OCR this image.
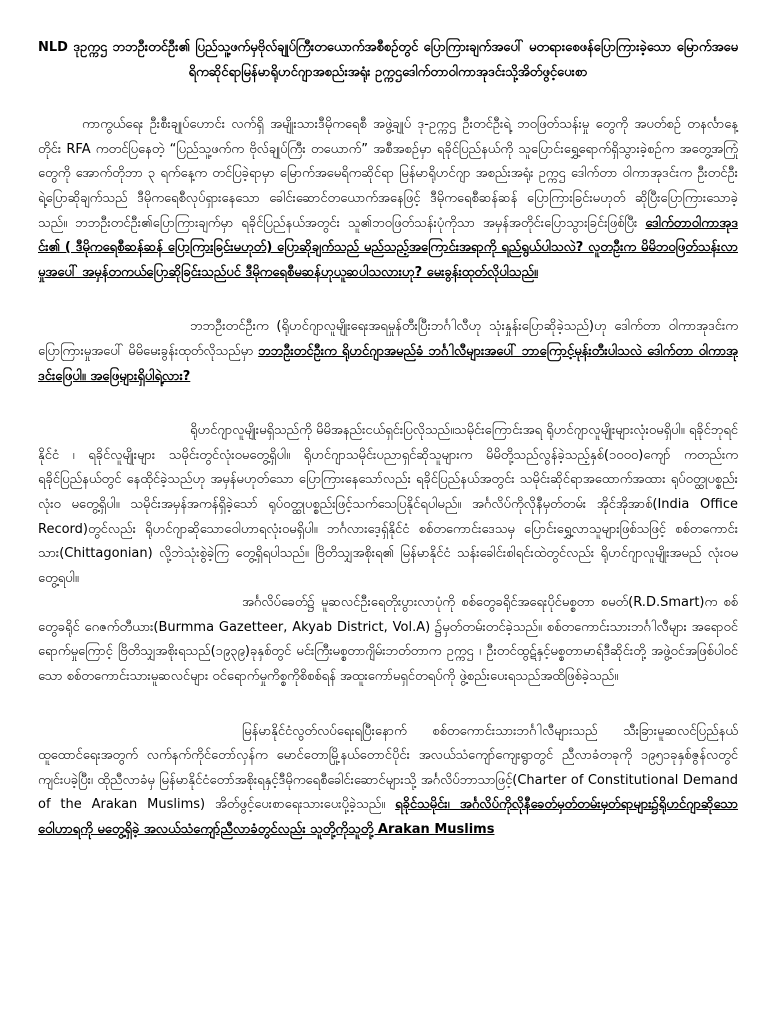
NLD ဒုဥက္ကဌ ဘဘဦးတင်ဦး၏ ပြည်သူ့ဖက်မှဗိုလ်ချုပ်ကြီးတယောက်အစီစဉ်တွင် ပြောကြားချက်အပေါ် မတရားစေဖန်ပြောကြားခဲ့သော မြောက်အမေရိကဆိုင်ရာမြန်မာရိုဟင်ဂျာအစည်းအရုံး ဥက္ကဌဒေါက်တာဝါကာအုဒင်းသို့အိတ်ဖွင့်ပေးစာ

ကာကွယ်ရေး ဦးစီးချုပ်ဟောင်း လက်ရှိ အမျိုးသားဒီမိုကရေစီ အဖွဲ့ချုပ် ဒု-ဥက္ကဌ ဦးတင်ဦးရဲ့ ဘဝဖြတ်သန်းမှု တွေကို အပတ်စဉ် တနင်္လာနေ့တိုင်း RFA ကတင်ပြနေတဲ့ “ပြည်သူ့ဖက်က ဗိုလ်ချုပ်ကြီး တယောက်” အစီအစဉ်မှာ ရခိုင်ပြည်နယ်ကို သူပြောင်းရွှေ့ရောက်ရှိသွားခဲ့စဉ်က အတွေ့အကြုံတွေကို အောက်တိုဘာ ၃ ရက်နေ့က တင်ပြခဲ့ရာမှာ မြောက်အမေရိကဆိုင်ရာ မြန်မာရိုဟင်ဂျာ အစည်းအရုံး ဥက္ကဌ ဒေါက်တာ ဝါကာအုဒင်းက ဦးတင်ဦး ရဲ့ပြောဆိုချက်သည် ဒီမိုကရေစီလုပ်ရှားနေသော ခေါင်းဆောင်တယောက်အနေဖြင့် ဒီမိုကရေစီဆန်ဆန် ပြောကြားခြင်းမဟုတ် ဆိုပြီးပြောကြားသောခဲ့သည်။ ဘဘဦးတင်ဦး၏ပြောကြားချက်မှာ ရခိုင်ပြည်နယ်အတွင်း သူ၏ဘဝဖြတ်သန်းပုံကိုသာ အမှန်အတိုင်းပြောသွားခြင်းဖြစ်ပြီး ဒေါက်တာဝါကာအုဒင်း၏ ( ဒီမိုကရေစီဆန်ဆန် ပြောကြားခြင်းမဟုတ်) ပြောဆိုချက်သည် မည်သည့်အကြောင်းအရာကို ရည်ရွယ်ပါသလဲ? လူတဦးက မိမိဘဝဖြတ်သန်းလာမှုအပေါ် အမှန်တကယ်ပြောဆိုခြင်းသည်ပင် ဒီမိုကရေစီမဆန်ဟုယူဆပါသလားဟု? မေးခွန်းထုတ်လိုပါသည်။

ဘဘဦးတင်ဦးက (ရိုဟင်ဂျာလူမျိုးရေးအရမှုန်တီးပြီးဘင်္ဂါလီဟု သုံးနှုန်းပြောဆိုခဲ့သည်)ဟု ဒေါက်တာ ဝါကာအုဒင်းက ပြောကြားမှုအပေါ် မိမိမေးခွန်းထုတ်လိုသည်မှာ ဘဘဦးတင်ဦးက ရိုဟင်ဂျာအမည်ခံ ဘင်္ဂါလီများအပေါ် ဘာကြောင့်မုန်းတီးပါသလဲ ဒေါက်တာ ဝါကာအုဒင်းဖြေပါ။ အဖြေများရှိပါရဲ့လား?

ရိုဟင်ဂျာလူမျိုးမရှိသည်ကို မိမိအနည်းငယ်ရှင်းပြလိုသည်။သမိုင်းကြောင်းအရ ရိုဟင်ဂျာလူမျိုးများလုံးဝမရှိပါ။ ရခိုင်ဘုရင်နိုင်ငံ ၊ ရခိုင်လူမျိုးများ သမိုင်းတွင်လုံးဝမတွေ့ရှိပါ။ ရိုဟင်ဂျာသမိုင်းပညာရှင်ဆိုသူများက မိမိတို့သည်လွန်ခဲ့သည့်နှစ်(၁၀၀၀)ကျော် ကတည်းက ရခိုင်ပြည်နယ်တွင် နေထိုင်ခဲ့သည်ဟု အမှန်မဟုတ်သော ပြောကြားနေသော်လည်း ရခိုင်ပြည်နယ်အတွင်း သမိုင်းဆိုင်ရာအထောက်အထား ရုပ်ဝတ္ထုပစ္စည်းလုံးဝ မတွေ့ရှိပါ။ သမိုင်းအမှန်အကန်ရှိခဲ့သော် ရုပ်ဝတ္ထုပစ္စည်းဖြင့်သက်သေပြနိုင်ရပါမည်။ အင်္ဂလိပ်ကိုလိုနီမှတ်တမ်း အိုင်အိုအာစ်(India Office Record)တွင်လည်း ရိုဟင်ဂျာဆိုသောဝေါဟာရလုံးဝမရှိပါ။ ဘင်္ဂလားဒေ့ရှ်နိုင်ငံ စစ်တကောင်းဒေသမှ ပြောင်းရွှေ့လာသူများဖြစ်သဖြင့် စစ်တကောင်းသား(Chittagonian) လို့ဘဲသုံးစွဲခဲ့ကြ တွေ့ရှိရပါသည်။ ဗြိတိသျှအစိုးရ၏ မြန်မာနိုင်ငံ သန်းခေါင်းစါရင်းထဲတွင်လည်း ရိုဟင်ဂျာလူမျိုးအမည် လုံးဝမတွေ့ရပါ။

အင်္ဂလိပ်ခေတ်၌ မူဆလင်ဦးရေတိုးပွားလာပုံကို စစ်တွေခရိုင်အရေးပိုင်မစ္စတာ စမတ်(R.D.Smart)က စစ်တွေခရိုင် ဂေဇက်တီယား(Burmma Gazetteer, Akyab District, Vol.A) ၌မှတ်တမ်းတင်ခဲ့သည်။ စစ်တကောင်းသားဘင်္ဂါလီများ အရောဝင်ရောက်မှုကြောင့် ဗြိတိသျှအစိုးရသည်(၁၉၃၉)ခုနှစ်တွင် မင်းကြီးမစ္စတာဂျိမ်းဘတ်တာက ဥက္ကဌ ၊ ဦးတင်ထွဋ်နှင့်မစ္စတာမာရ်ဒီဆိုင်းတို့ အဖွဲ့ဝင်အဖြစ်ပါဝင်သော စစ်တကောင်းသားမူဆလင်များ ဝင်ရောက်မှုကိစ္စကိုစိစစ်ရန် အထူးကော်မရှင်တရပ်ကို ဖွဲ့စည်းပေးရသည်အထိဖြစ်ခဲ့သည်။

မြန်မာနိုင်ငံလွတ်လပ်ရေးရပြီးနောက် စစ်တကောင်းသားဘင်္ဂါလီများသည် သီးခြားမူဆလင်ပြည်နယ် ထူထောင်ရေးအတွက် လက်နက်ကိုင်တော်လှန်က မောင်တောမြို့နယ်တောင်ပိုင်း အလယ်သံကျော်ကျေးရွာတွင် ညီလာခံတခုကို ၁၉၅၁ခုနှစ်ဇွန်လတွင်ကျင်းပခဲ့ပြီး၊ ထိုညီလာခံမှ မြန်မာနိုင်ငံတော်အစိုးရနှင့်ဒီမိုကရေစီခေါင်းဆောင်များသို့ အင်္ဂလိပ်ဘာသာဖြင့်(Charter of Constitutional Demand of the Arakan Muslims) အိတ်ဖွင့်ပေးစာရေးသားပေးပို့ခဲ့သည်။ ရခိုင်သမိုင်း၊ အင်္ဂလိပ်ကိုလိုနီခေတ်မှတ်တမ်းမှတ်ရာများ၌ရိုဟင်ဂျာဆိုသောဝေါဟာရကို မတွေ့ရှိခဲ့ အလယ်သံကျော်ညီလာခံတွင်လည်း သူတို့ကိုသူတို့ Arakan Muslims
